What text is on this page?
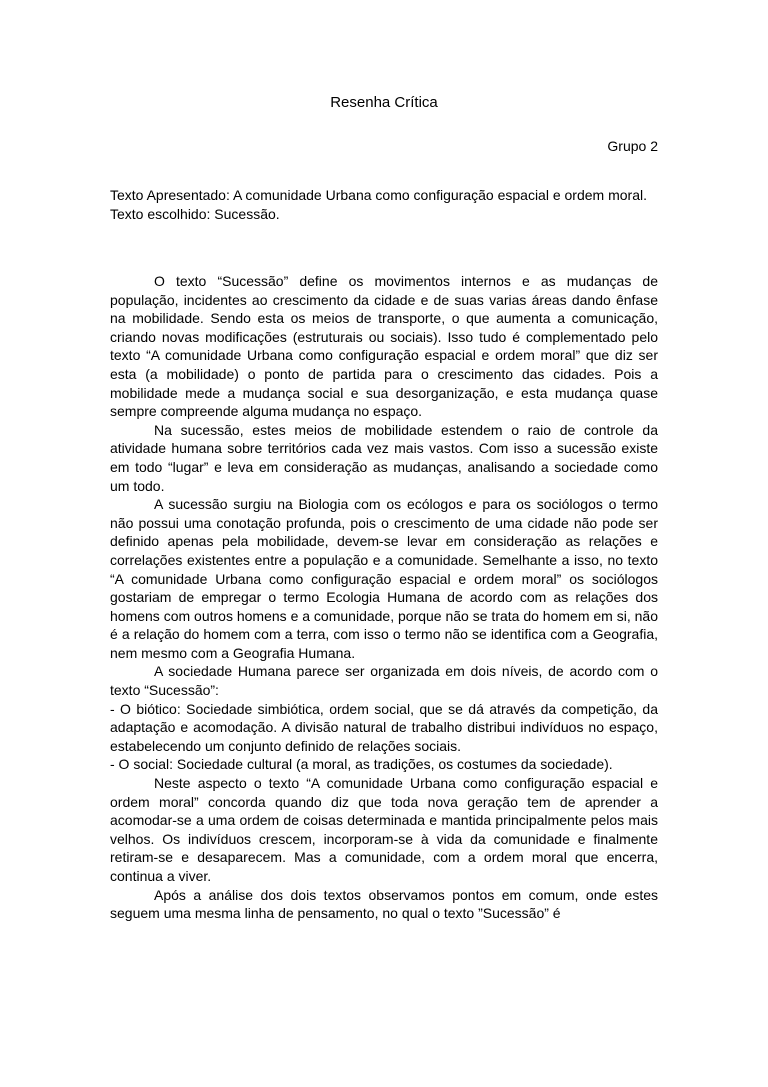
Resenha Crítica
Grupo 2

Texto Apresentado: A comunidade Urbana como configuração espacial e ordem moral.

Texto escolhido: Sucessão.

O texto “Sucessão” define os movimentos internos e as mudanças de população, incidentes ao crescimento da cidade e de suas varias áreas dando ênfase na mobilidade. Sendo esta os meios de transporte, o que aumenta a comunicação, criando novas modificações (estruturais ou sociais). Isso tudo é complementado pelo texto “A comunidade Urbana como configuração espacial e ordem moral” que diz ser esta (a mobilidade) o ponto de partida para o crescimento das cidades. Pois a mobilidade mede a mudança social e sua desorganização, e esta mudança quase sempre compreende alguma mudança no espaço.

Na sucessão, estes meios de mobilidade estendem o raio de controle da atividade humana sobre territórios cada vez mais vastos. Com isso a sucessão existe em todo “lugar” e leva em consideração as mudanças, analisando a sociedade como um todo.

A sucessão surgiu na Biologia com os ecólogos e para os sociólogos o termo não possui uma conotação profunda, pois o crescimento de uma cidade não pode ser definido apenas pela mobilidade, devem-se levar em consideração as relações e correlações existentes entre a população e a comunidade. Semelhante a isso, no texto “A comunidade Urbana como configuração espacial e ordem moral” os sociólogos gostariam de empregar o termo Ecologia Humana de acordo com as relações dos homens com outros homens e a comunidade, porque não se trata do homem em si, não é a relação do homem com a terra, com isso o termo não se identifica com a Geografia, nem mesmo com a Geografia Humana.

A sociedade Humana parece ser organizada em dois níveis, de acordo com o texto “Sucessão”:

- O biótico: Sociedade simbiótica, ordem social, que se dá através da competição, da adaptação e acomodação. A divisão natural de trabalho distribui indivíduos no espaço, estabelecendo um conjunto definido de relações sociais.

- O social: Sociedade cultural (a moral, as tradições, os costumes da sociedade).

Neste aspecto o texto “A comunidade Urbana como configuração espacial e ordem moral” concorda quando diz que toda nova geração tem de aprender a acomodar-se a uma ordem de coisas determinada e mantida principalmente pelos mais velhos. Os indivíduos crescem, incorporam-se à vida da comunidade e finalmente retiram-se e desaparecem. Mas a comunidade, com a ordem moral que encerra, continua a viver.

Após a análise dos dois textos observamos pontos em comum, onde estes seguem uma mesma linha de pensamento, no qual o texto ”Sucessão” é
